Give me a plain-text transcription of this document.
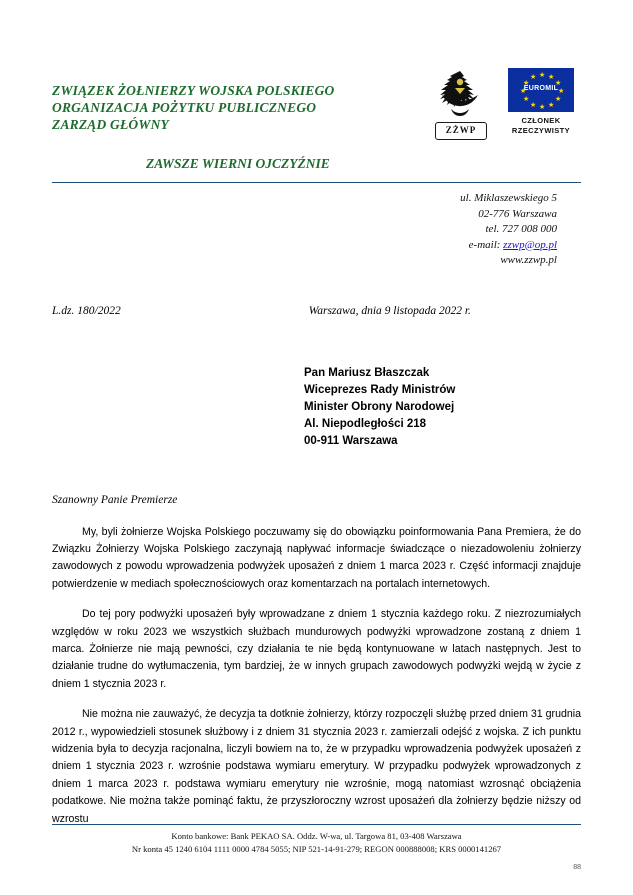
ZWIĄZEK ŻOŁNIERZY WOJSKA POLSKIEGO
ORGANIZACJA POŻYTKU PUBLICZNEGO
ZARZĄD GŁÓWNY	ZŻWP
★ ★
★
★
★
★
★
★
★
★
★
★
EUROMIL
CZŁONEK
RZECZYWISTY
ZAWSZE WIERNI OJCZYŹNIE
ul. Miklaszewskiego 5
02-776 Warszawa
tel. 727 008 000
e-mail: zzwp@op.pl
www.zzwp.pl
L.dz. 180/2022	Warszawa, dnia 9 listopada 2022 r.
Pan Mariusz Błaszczak
Wiceprezes Rady Ministrów
Minister Obrony Narodowej
Al. Niepodległości 218
00-911 Warszawa
Szanowny Panie Premierze

My, byli żołnierze Wojska Polskiego poczuwamy się do obowiązku poinformowania Pana Premiera, że do Związku Żołnierzy Wojska Polskiego zaczynają napływać informacje świadczące o niezadowoleniu żołnierzy zawodowych z powodu wprowadzenia podwyżek uposażeń z dniem 1 marca 2023 r. Część informacji znajduje potwierdzenie w mediach społecznościowych oraz komentarzach na portalach internetowych.

Do tej pory podwyżki uposażeń były wprowadzane z dniem 1 stycznia każdego roku. Z niezrozumiałych względów w roku 2023 we wszystkich służbach mundurowych podwyżki wprowadzone zostaną z dniem 1 marca. Żołnierze nie mają pewności, czy działania te nie będą kontynuowane w latach następnych. Jest to działanie trudne do wytłumaczenia, tym bardziej, że w innych grupach zawodowych podwyżki wejdą w życie z dniem 1 stycznia 2023 r.

Nie można nie zauważyć, że decyzja ta dotknie żołnierzy, którzy rozpoczęli służbę przed dniem 31 grudnia 2012 r., wypowiedzieli stosunek służbowy i z dniem 31 stycznia 2023 r. zamierzali odejść z wojska. Z ich punktu widzenia była to decyzja racjonalna, liczyli bowiem na to, że w przypadku wprowadzenia podwyżek uposażeń z dniem 1 stycznia 2023 r. wzrośnie podstawa wymiaru emerytury. W przypadku podwyżek wprowadzonych z dniem 1 marca 2023 r. podstawa wymiaru emerytury nie wzrośnie, mogą natomiast wzrosnąć obciążenia podatkowe. Nie można także pominąć faktu, że przyszłoroczny wzrost uposażeń dla żołnierzy będzie niższy od wzrostu

Konto bankowe: Bank PEKAO SA. Oddz. W-wa, ul. Targowa 81, 03-408 Warszawa
Nr konta 45 1240 6104 1111 0000 4784 5055; NIP 521-14-91-279; REGON 000888008; KRS 0000141267
88
